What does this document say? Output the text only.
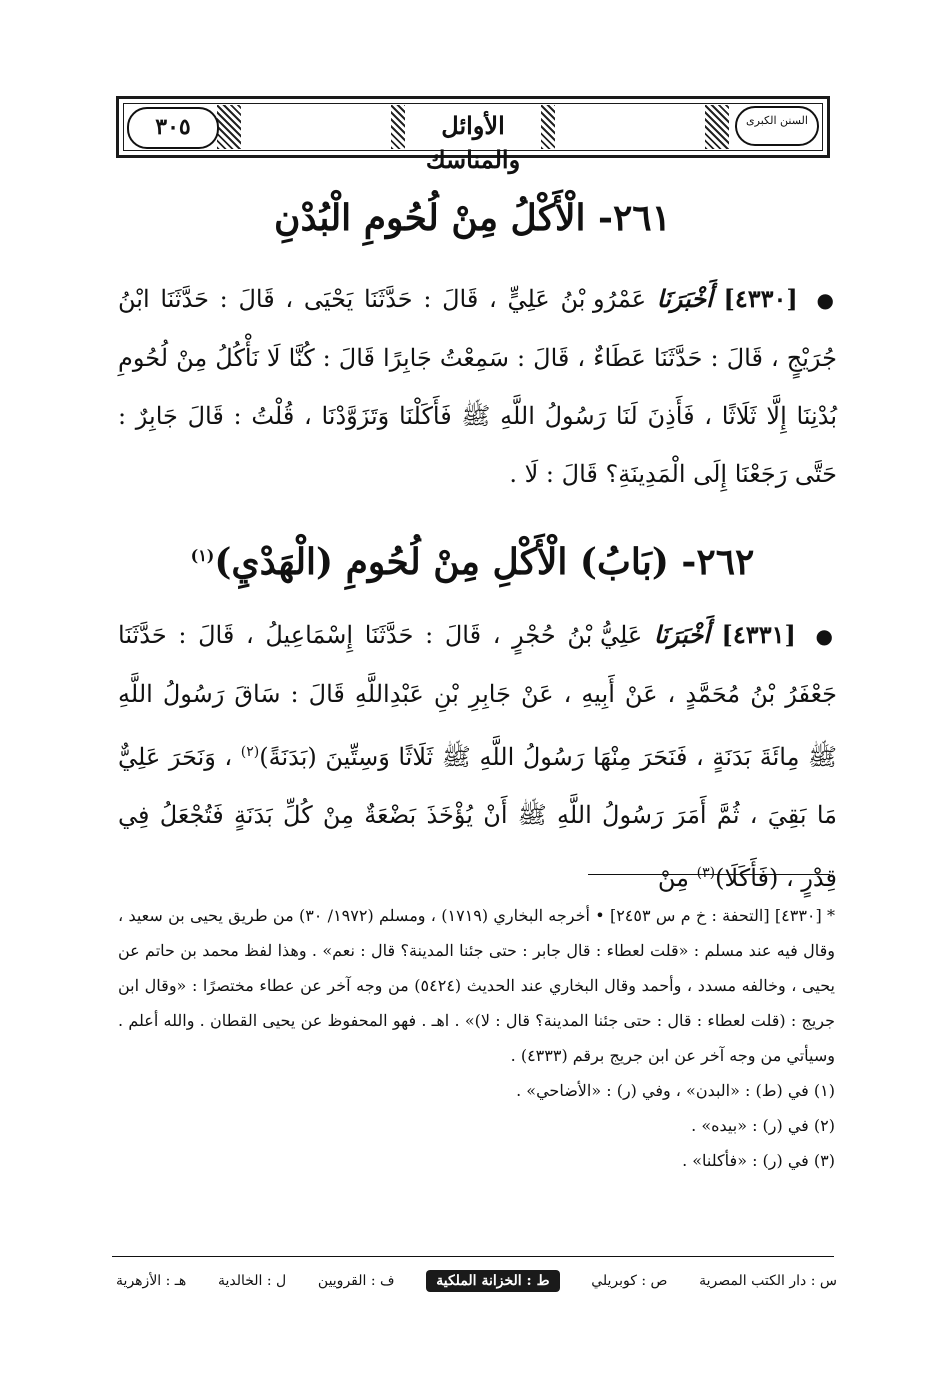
٣٠٥	الأوائل والمناسك
السنن الكبرى
٢٦١- الْأَكْلُ مِنْ لُحُومِ الْبُدْنِ
● [٤٣٣٠] أَخْبَرَنَا عَمْرُو بْنُ عَلِيٍّ ، قَالَ : حَدَّثَنَا يَحْيَى ، قَالَ : حَدَّثَنَا ابْنُ جُرَيْجٍ ، قَالَ : حَدَّثَنَا عَطَاءٌ ، قَالَ : سَمِعْتُ جَابِرًا قَالَ : كُنَّا لَا نَأْكُلُ مِنْ لُحُومِ بُدْنِنَا إِلَّا ثَلَاثًا ، فَأَذِنَ لَنَا رَسُولُ اللَّهِ ﷺ فَأَكَلْنَا وَتَزَوَّدْنَا ، قُلْتُ : قَالَ جَابِرٌ : حَتَّى رَجَعْنَا إِلَى الْمَدِينَةِ؟ قَالَ : لَا .
٢٦٢- (بَابُ) الْأَكْلِ مِنْ لُحُومِ (الْهَدْيِ)$^{(١)}$
● [٤٣٣١] أَخْبَرَنَا عَلِيُّ بْنُ حُجْرٍ ، قَالَ : حَدَّثَنَا إِسْمَاعِيلُ ، قَالَ : حَدَّثَنَا جَعْفَرُ بْنُ مُحَمَّدٍ ، عَنْ أَبِيهِ ، عَنْ جَابِرِ بْنِ عَبْدِاللَّهِ قَالَ : سَاقَ رَسُولُ اللَّهِ ﷺ مِائَةَ بَدَنَةٍ ، فَنَحَرَ مِنْهَا رَسُولُ اللَّهِ ﷺ ثَلَاثًا وَسِتِّينَ (بَدَنَةً)$^{(٢)}$ ، وَنَحَرَ عَلِيٌّ مَا بَقِيَ ، ثُمَّ أَمَرَ رَسُولُ اللَّهِ ﷺ أَنْ يُؤْخَذَ بَضْعَةٌ مِنْ كُلِّ بَدَنَةٍ فَتُجْعَلُ فِي قِدْرٍ ، (فَأَكَلَا)$^{(٣)}$ مِنْ

* [٤٣٣٠] [التحفة : خ م س ٢٤٥٣] • أخرجه البخاري (١٧١٩) ، ومسلم (١٩٧٢/ ٣٠) من طريق يحيى بن سعيد ، وقال فيه عند مسلم : «قلت لعطاء : قال جابر : حتى جئنا المدينة؟ قال : نعم» . وهذا لفظ محمد بن حاتم عن يحيى ، وخالفه مسدد ، وأحمد وقال البخاري عند الحديث (٥٤٢٤) من وجه آخر عن عطاء مختصرًا : «وقال ابن جريج : (قلت لعطاء : قال : حتى جئنا المدينة؟ قال : لا)» . اهـ . فهو المحفوظ عن يحيى القطان . والله أعلم . وسيأتي من وجه آخر عن ابن جريج برقم (٤٣٣٣) .

(١) في (ط) : «البدن» ، وفي (ر) : «الأضاحي» .

(٢) في (ر) : «بيده» .

(٣) في (ر) : «فأكلنا» .

س : دار الكتب المصرية
ص : كوبريلي
ط : الخزانة الملكية
ف : القرويين
ل : الخالدية
هـ : الأزهرية
